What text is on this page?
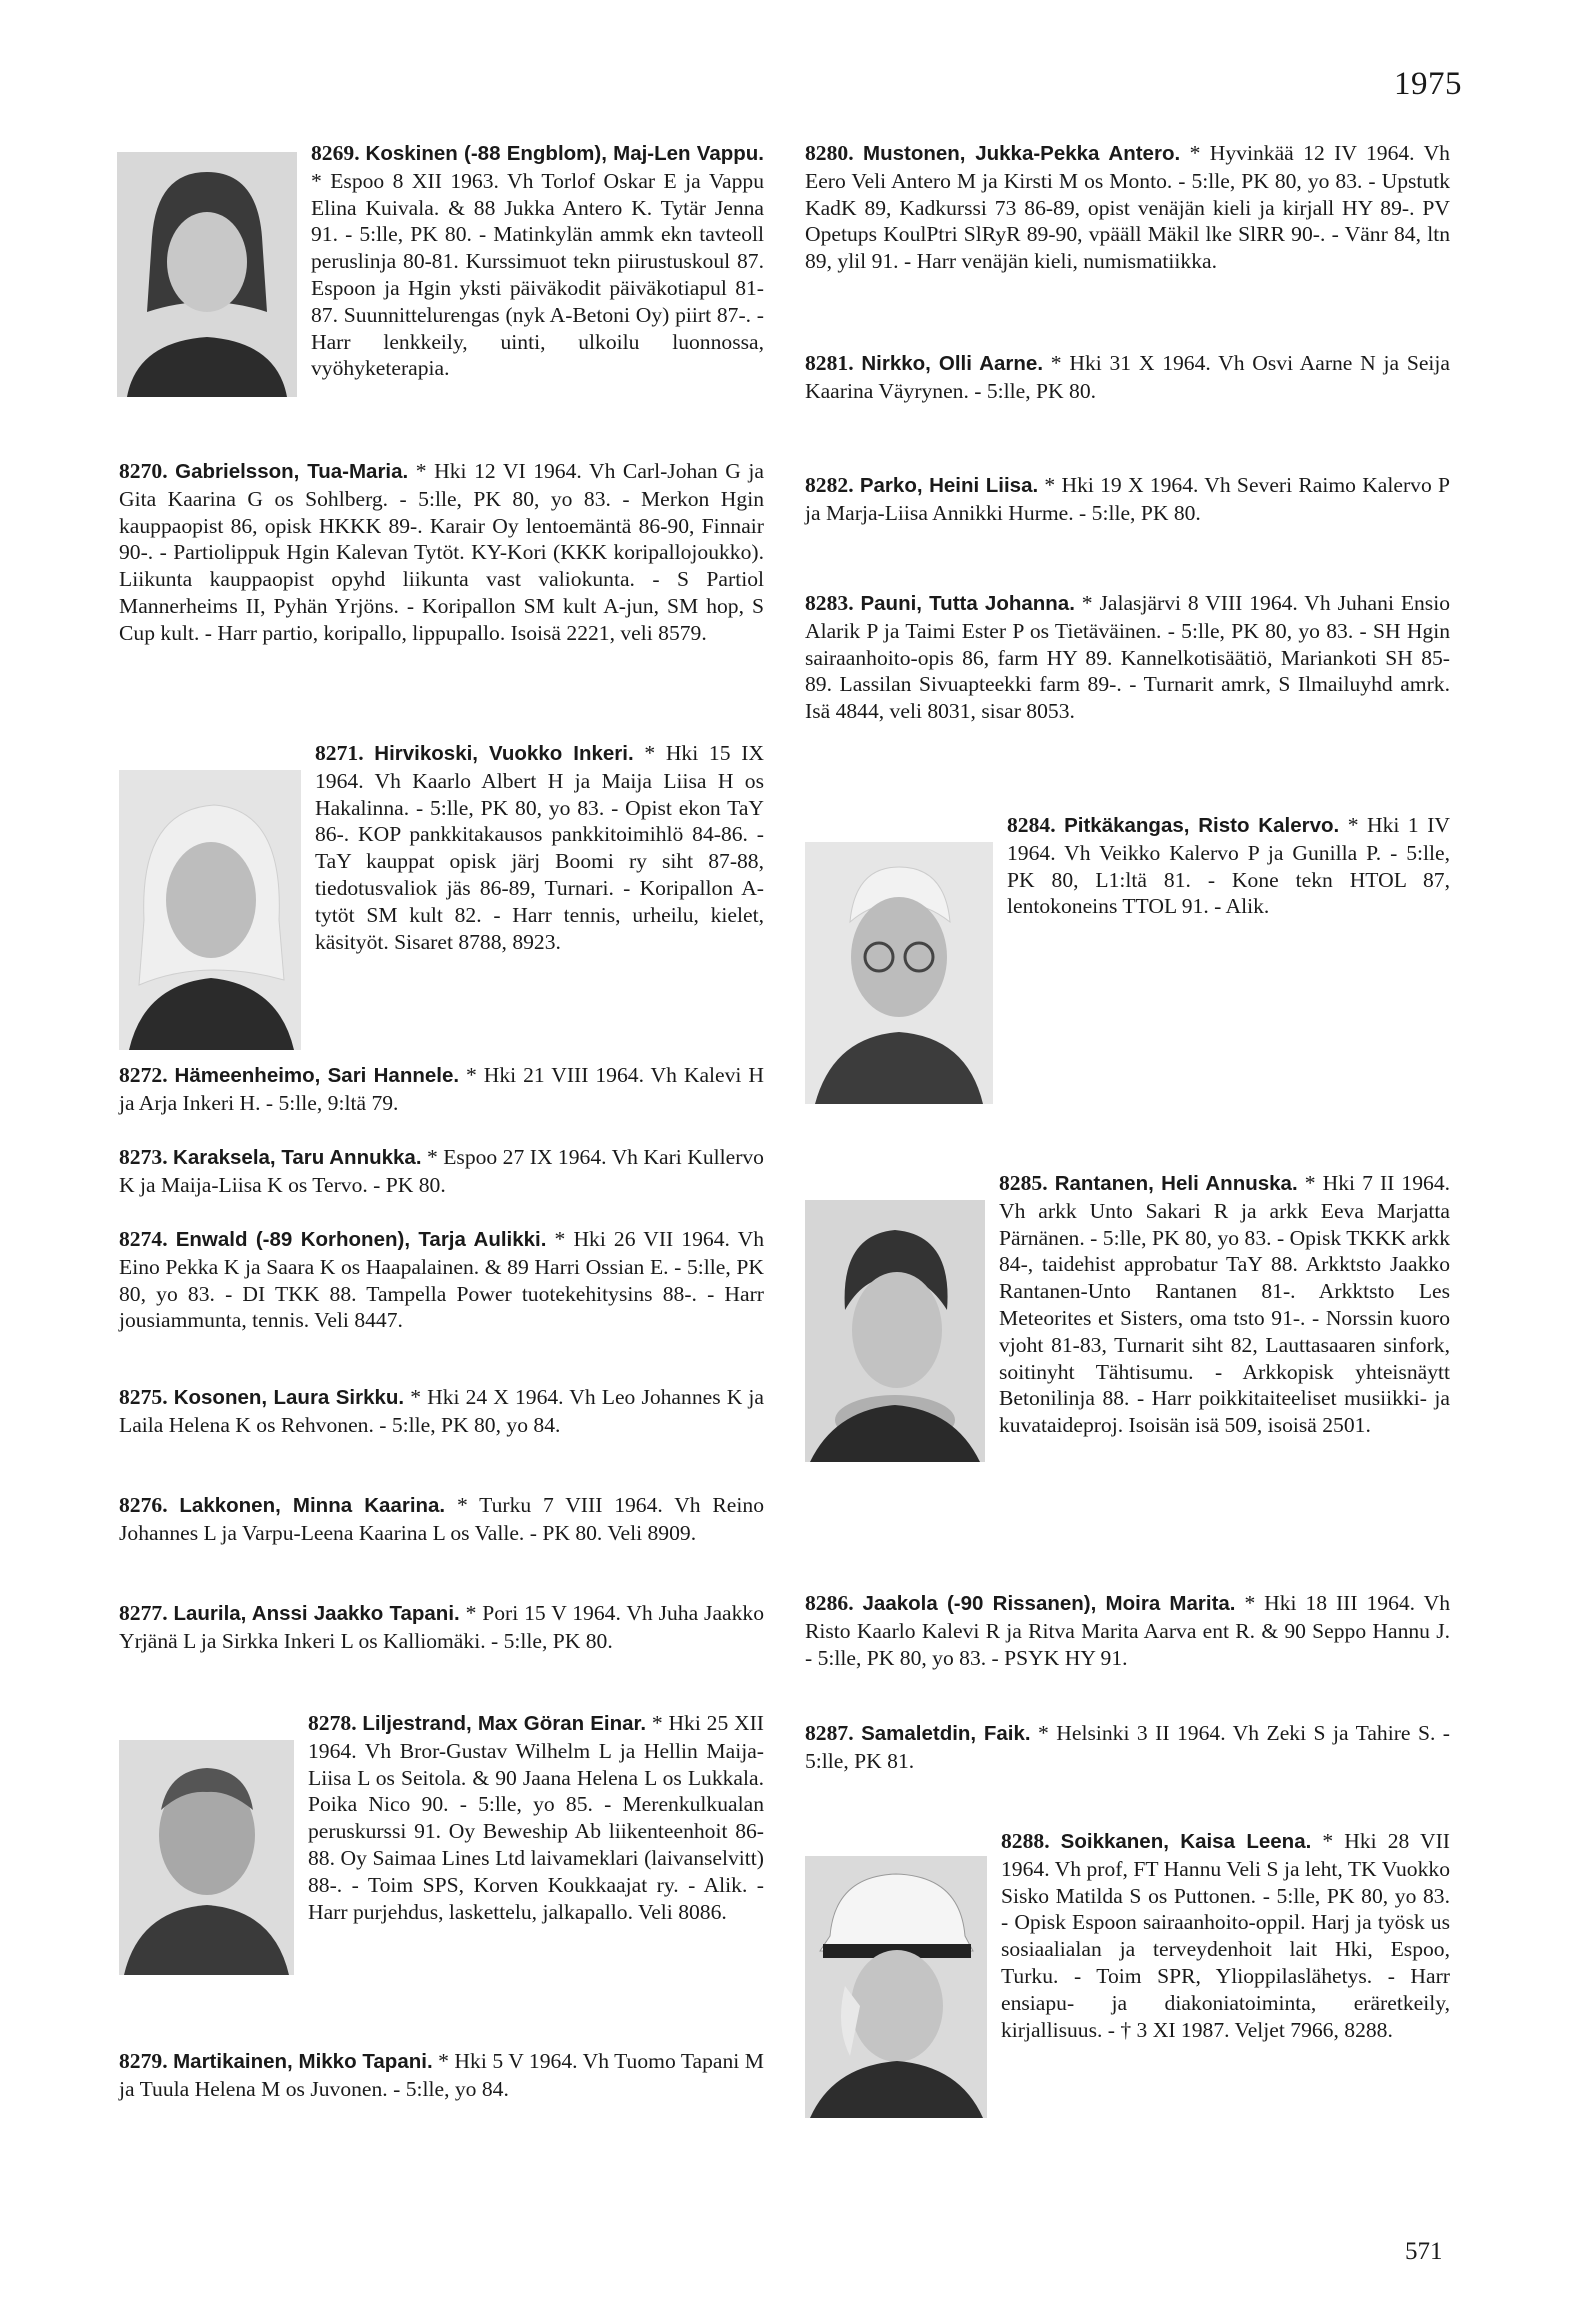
1975

8269. Koskinen (-88 Engblom), Maj-Len Vappu. * Espoo 8 XII 1963. Vh Torlof Oskar E ja Vappu Elina Kuivala. & 88 Jukka Antero K. Tytär Jenna 91. - 5:lle, PK 80. - Matinkylän ammk ekn tavteoll peruslinja 80-81. Kurssimuot tekn piirustuskoul 87. Espoon ja Hgin yksti päiväkodit päiväkotiapul 81-87. Suunnittelurengas (nyk A-Betoni Oy) piirt 87-. - Harr lenkkeily, uinti, ulkoilu luonnossa, vyöhyketerapia.

8270. Gabrielsson, Tua-Maria. * Hki 12 VI 1964. Vh Carl-Johan G ja Gita Kaarina G os Sohlberg. - 5:lle, PK 80, yo 83. - Merkon Hgin kauppaopist 86, opisk HKKK 89-. Karair Oy lentoemäntä 86-90, Finnair 90-. - Partiolippuk Hgin Kalevan Tytöt. KY-Kori (KKK koripallojoukko). Liikunta kauppaopist opyhd liikunta vast valiokunta. - S Partiol Mannerheims II, Pyhän Yrjöns. - Koripallon SM kult A-jun, SM hop, S Cup kult. - Harr partio, koripallo, lippupallo. Isoisä 2221, veli 8579.

8271. Hirvikoski, Vuokko Inkeri. * Hki 15 IX 1964. Vh Kaarlo Albert H ja Maija Liisa H os Hakalinna. - 5:lle, PK 80, yo 83. - Opist ekon TaY 86-. KOP pankkitakausos pankkitoimihlö 84-86. - TaY kauppat opisk järj Boomi ry siht 87-88, tiedotusvaliok jäs 86-89, Turnari. - Koripallon A-tytöt SM kult 82. - Harr tennis, urheilu, kielet, käsityöt. Sisaret 8788, 8923.

8272. Hämeenheimo, Sari Hannele. * Hki 21 VIII 1964. Vh Kalevi H ja Arja Inkeri H. - 5:lle, 9:ltä 79.

8273. Karaksela, Taru Annukka. * Espoo 27 IX 1964. Vh Kari Kullervo K ja Maija-Liisa K os Tervo. - PK 80.

8274. Enwald (-89 Korhonen), Tarja Aulikki. * Hki 26 VII 1964. Vh Eino Pekka K ja Saara K os Haapalainen. & 89 Harri Ossian E. - 5:lle, PK 80, yo 83. - DI TKK 88. Tampella Power tuotekehitysins 88-. - Harr jousiammunta, tennis. Veli 8447.

8275. Kosonen, Laura Sirkku. * Hki 24 X 1964. Vh Leo Johannes K ja Laila Helena K os Rehvonen. - 5:lle, PK 80, yo 84.

8276. Lakkonen, Minna Kaarina. * Turku 7 VIII 1964. Vh Reino Johannes L ja Varpu-Leena Kaarina L os Valle. - PK 80. Veli 8909.

8277. Laurila, Anssi Jaakko Tapani. * Pori 15 V 1964. Vh Juha Jaakko Yrjänä L ja Sirkka Inkeri L os Kalliomäki. - 5:lle, PK 80.

8278. Liljestrand, Max Göran Einar. * Hki 25 XII 1964. Vh Bror-Gustav Wilhelm L ja Hellin Maija-Liisa L os Seitola. & 90 Jaana Helena L os Lukkala. Poika Nico 90. - 5:lle, yo 85. - Merenkulkualan peruskurssi 91. Oy Beweship Ab liikenteenhoit 86-88. Oy Saimaa Lines Ltd laivameklari (laivanselvitt) 88-. - Toim SPS, Korven Koukkaajat ry. - Alik. - Harr purjehdus, laskettelu, jalkapallo. Veli 8086.

8279. Martikainen, Mikko Tapani. * Hki 5 V 1964. Vh Tuomo Tapani M ja Tuula Helena M os Juvonen. - 5:lle, yo 84.

8280. Mustonen, Jukka-Pekka Antero. * Hyvinkää 12 IV 1964. Vh Eero Veli Antero M ja Kirsti M os Monto. - 5:lle, PK 80, yo 83. - Upstutk KadK 89, Kadkurssi 73 86-89, opist venäjän kieli ja kirjall HY 89-. PV Opetups KoulPtri SlRyR 89-90, vpääll Mäkil lke SlRR 90-. - Vänr 84, ltn 89, ylil 91. - Harr venäjän kieli, numismatiikka.

8281. Nirkko, Olli Aarne. * Hki 31 X 1964. Vh Osvi Aarne N ja Seija Kaarina Väyrynen. - 5:lle, PK 80.

8282. Parko, Heini Liisa. * Hki 19 X 1964. Vh Severi Raimo Kalervo P ja Marja-Liisa Annikki Hurme. - 5:lle, PK 80.

8283. Pauni, Tutta Johanna. * Jalasjärvi 8 VIII 1964. Vh Juhani Ensio Alarik P ja Taimi Ester P os Tietäväinen. - 5:lle, PK 80, yo 83. - SH Hgin sairaanhoito-opis 86, farm HY 89. Kannelkotisäätiö, Mariankoti SH 85-89. Lassilan Sivuapteekki farm 89-. - Turnarit amrk, S Ilmailuyhd amrk. Isä 4844, veli 8031, sisar 8053.

8284. Pitkäkangas, Risto Kalervo. * Hki 1 IV 1964. Vh Veikko Kalervo P ja Gunilla P. - 5:lle, PK 80, L1:ltä 81. - Kone tekn HTOL 87, lentokoneins TTOL 91. - Alik.

8285. Rantanen, Heli Annuska. * Hki 7 II 1964. Vh arkk Unto Sakari R ja arkk Eeva Marjatta Pärnänen. - 5:lle, PK 80, yo 83. - Opisk TKKK arkk 84-, taidehist approbatur TaY 88. Arkktsto Jaakko Rantanen-Unto Rantanen 81-. Arkktsto Les Meteorites et Sisters, oma tsto 91-. - Norssin kuoro vjoht 81-83, Turnarit siht 82, Lauttasaaren sinfork, soitinyht Tähtisumu. - Arkkopisk yhteisnäytt Betonilinja 88. - Harr poikkitaiteeliset musiikki- ja kuvataideproj. Isoisän isä 509, isoisä 2501.

8286. Jaakola (-90 Rissanen), Moira Marita. * Hki 18 III 1964. Vh Risto Kaarlo Kalevi R ja Ritva Marita Aarva ent R. & 90 Seppo Hannu J. - 5:lle, PK 80, yo 83. - PSYK HY 91.

8287. Samaletdin, Faik. * Helsinki 3 II 1964. Vh Zeki S ja Tahire S. - 5:lle, PK 81.

8288. Soikkanen, Kaisa Leena. * Hki 28 VII 1964. Vh prof, FT Hannu Veli S ja leht, TK Vuokko Sisko Matilda S os Puttonen. - 5:lle, PK 80, yo 83. - Opisk Espoon sairaanhoito-oppil. Harj ja työsk us sosiaalialan ja terveydenhoit lait Hki, Espoo, Turku. - Toim SPR, Ylioppilaslähetys. - Harr ensiapu- ja diakoniatoiminta, eräretkeily, kirjallisuus. - † 3 XI 1987. Veljet 7966, 8288.

571
